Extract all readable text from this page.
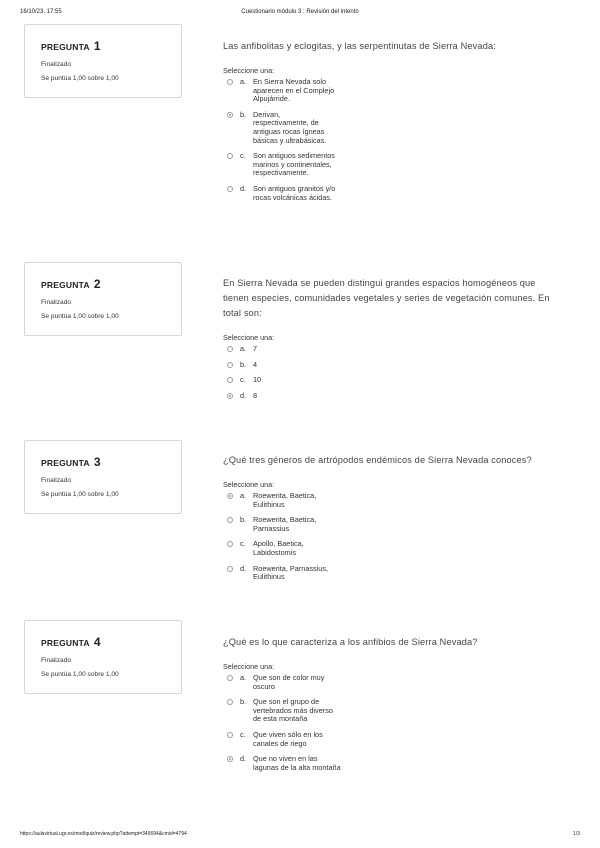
16/10/23, 17:55	Cuestionario módulo 3 : Revisión del intento
PREGUNTA 1
Finalizado
Se puntúa 1,00 sobre 1,00
Las anfibolitas y eclogitas, y las serpentinutas de Sierra Nevada:
Seleccione una:
a. En Sierra Nevada solo aparecen en el Complejo Alpujárride.
b. Derivan, respectivamente, de antiguas rocas ígneas básicas y ultrabásicas.
c. Son antiguos sedimentos marinos y continentales, respectivamente.
d. Son antiguos granitos y/o rocas volcánicas ácidas.
PREGUNTA 2
Finalizado
Se puntúa 1,00 sobre 1,00
En Sierra Nevada se pueden distingui grandes espacios homogéneos que tienen especies, comunidades vegetales y series de vegetación comunes. En total son:
Seleccione una:
a. 7
b. 4
c. 10
d. 8
PREGUNTA 3
Finalizado
Se puntúa 1,00 sobre 1,00
¿Qué tres géneros de artrópodos endémicos de Sierra Nevada conoces?
Seleccione una:
a. Roewerita, Baetica, Eulithinus
b. Roewerita, Baetica, Parnassius
c. Apollo, Baetica, Labidostomis
d. Roewerita, Parnassius, Eulithinus
PREGUNTA 4
Finalizado
Se puntúa 1,00 sobre 1,00
¿Qué es lo que caracteriza a los anfibios de Sierra Nevada?
Seleccione una:
a. Que son de color muy oscuro
b. Que son el grupo de vertebrados más diverso de esta montaña
c. Que viven sólo en los canales de riego
d. Que no viven en las lagunas de la alta montaña
https://aulavirtual.ugr.es/mod/quiz/review.php?attempt=345694&cmid=4794	1/3
